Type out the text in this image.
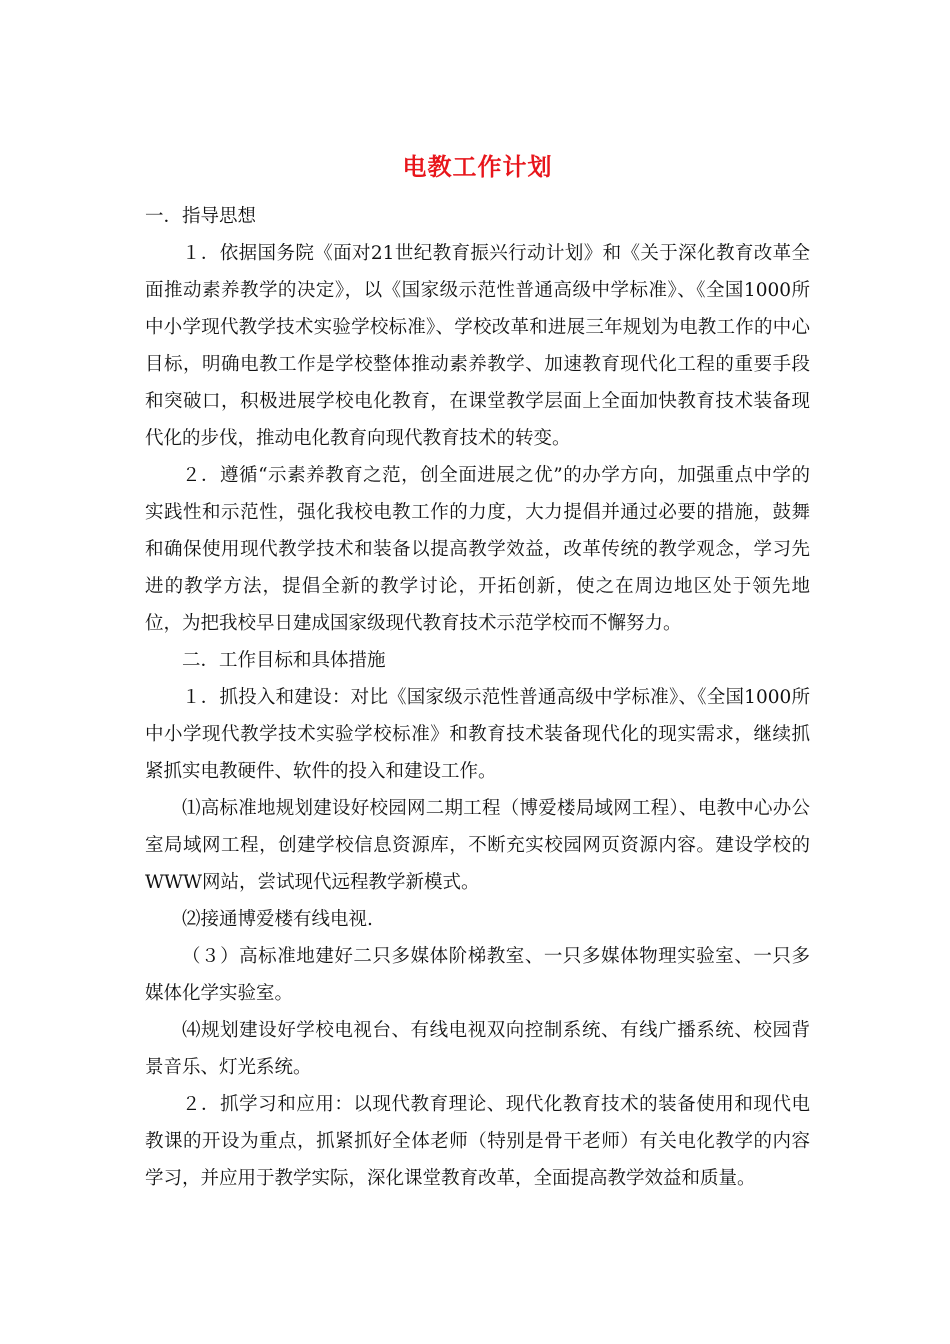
电教工作计划
一．指导思想

１．依据国务院《面对21世纪教育振兴行动计划》和《关于深化教育改革全面推动素养教学的决定》，以《国家级示范性普通高级中学标准》、《全国1000所中小学现代教学技术实验学校标准》、学校改革和进展三年规划为电教工作的中心目标，明确电教工作是学校整体推动素养教学、加速教育现代化工程的重要手段和突破口，积极进展学校电化教育，在课堂教学层面上全面加快教育技术装备现代化的步伐，推动电化教育向现代教育技术的转变。

２．遵循“示素养教育之范，创全面进展之优”的办学方向，加强重点中学的实践性和示范性，强化我校电教工作的力度，大力提倡并通过必要的措施，鼓舞和确保使用现代教学技术和装备以提高教学效益，改革传统的教学观念，学习先进的教学方法，提倡全新的教学讨论，开拓创新，使之在周边地区处于领先地位，为把我校早日建成国家级现代教育技术示范学校而不懈努力。

二．工作目标和具体措施

１．抓投入和建设：对比《国家级示范性普通高级中学标准》、《全国1000所中小学现代教学技术实验学校标准》和教育技术装备现代化的现实需求，继续抓紧抓实电教硬件、软件的投入和建设工作。

⑴高标准地规划建设好校园网二期工程（博爱楼局域网工程）、电教中心办公室局域网工程，创建学校信息资源库，不断充实校园网页资源内容。建设学校的WWW网站，尝试现代远程教学新模式。

⑵接通博爱楼有线电视.

（３）高标准地建好二只多媒体阶梯教室、一只多媒体物理实验室、一只多媒体化学实验室。

⑷规划建设好学校电视台、有线电视双向控制系统、有线广播系统、校园背景音乐、灯光系统。

２．抓学习和应用：以现代教育理论、现代化教育技术的装备使用和现代电教课的开设为重点，抓紧抓好全体老师（特别是骨干老师）有关电化教学的内容学习，并应用于教学实际，深化课堂教育改革，全面提高教学效益和质量。
